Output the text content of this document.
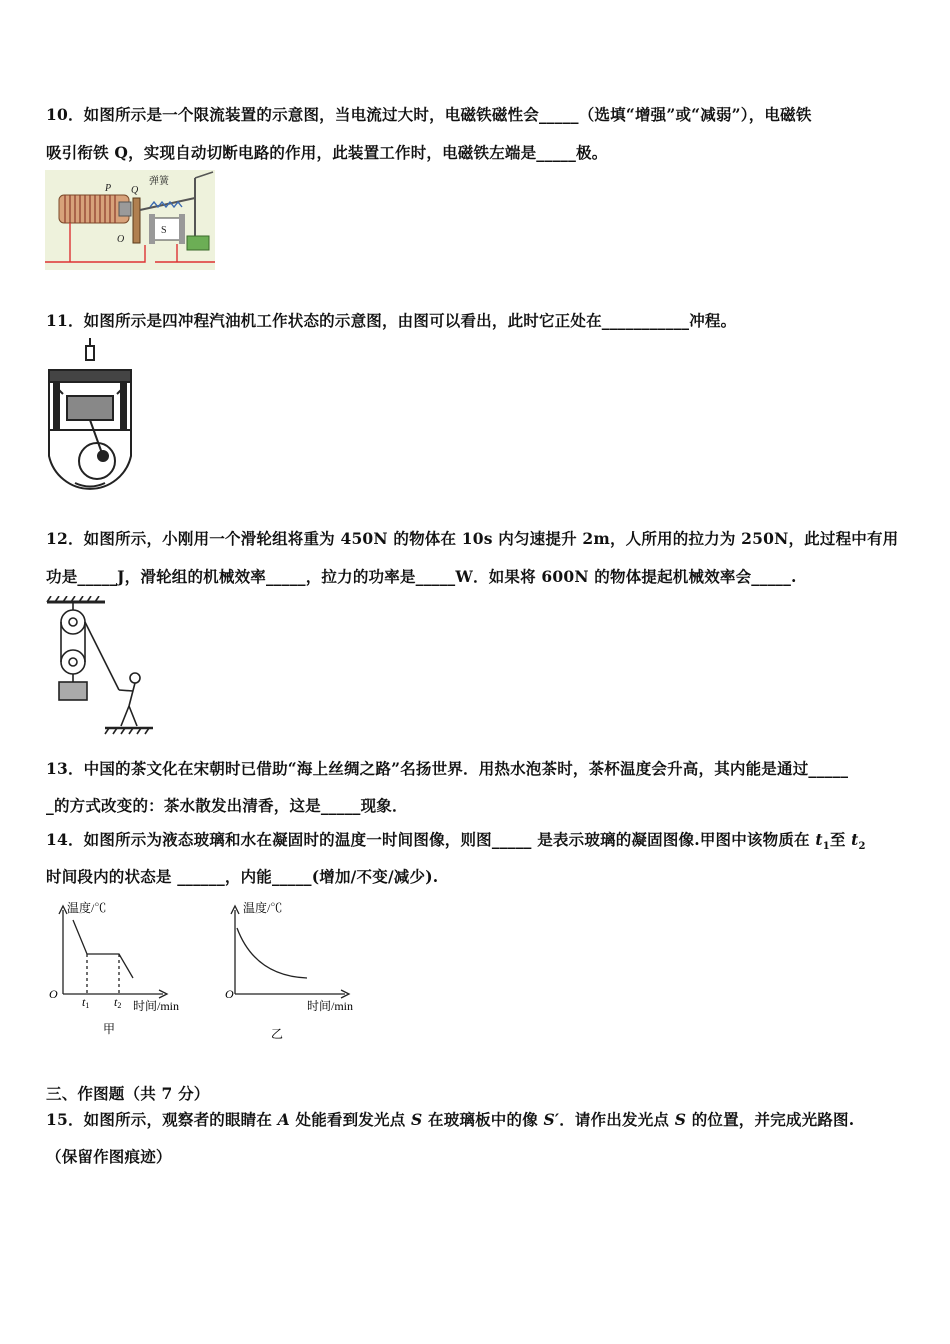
10．如图所示是一个限流装置的示意图，当电流过大时，电磁铁磁性会_____（选填“增强”或“减弱”），电磁铁
吸引衔铁 Q，实现自动切断电路的作用，此装置工作时，电磁铁左端是_____极。
P Q
弹簧
S
O
11．如图所示是四冲程汽油机工作状态的示意图，由图可以看出，此时它正处在___________冲程。
12．如图所示，小刚用一个滑轮组将重为 450N 的物体在 10s 内匀速提升 2m，人所用的拉力为 250N，此过程中有用
功是_____J，滑轮组的机械效率_____，拉力的功率是_____W．如果将 600N 的物体提起机械效率会_____.
13．中国的茶文化在宋朝时已借助“海上丝绸之路”名扬世界．用热水泡茶时，茶杯温度会升高，其内能是通过_____
_的方式改变的：茶水散发出清香，这是_____现象．
14．如图所示为液态玻璃和水在凝固时的温度一时间图像，则图_____ 是表示玻璃的凝固图像.甲图中该物质在 $t_1$至 $t_2$
时间段内的状态是 ______，内能_____(增加/不变/减少).
温度/℃
O
t1 t2 时间/min
甲
温度/℃
O
时间/min
乙
三、作图题（共 7 分）
15．如图所示，观察者的眼睛在 A 处能看到发光点 S 在玻璃板中的像 S′．请作出发光点 S 的位置，并完成光路图.
（保留作图痕迹）
